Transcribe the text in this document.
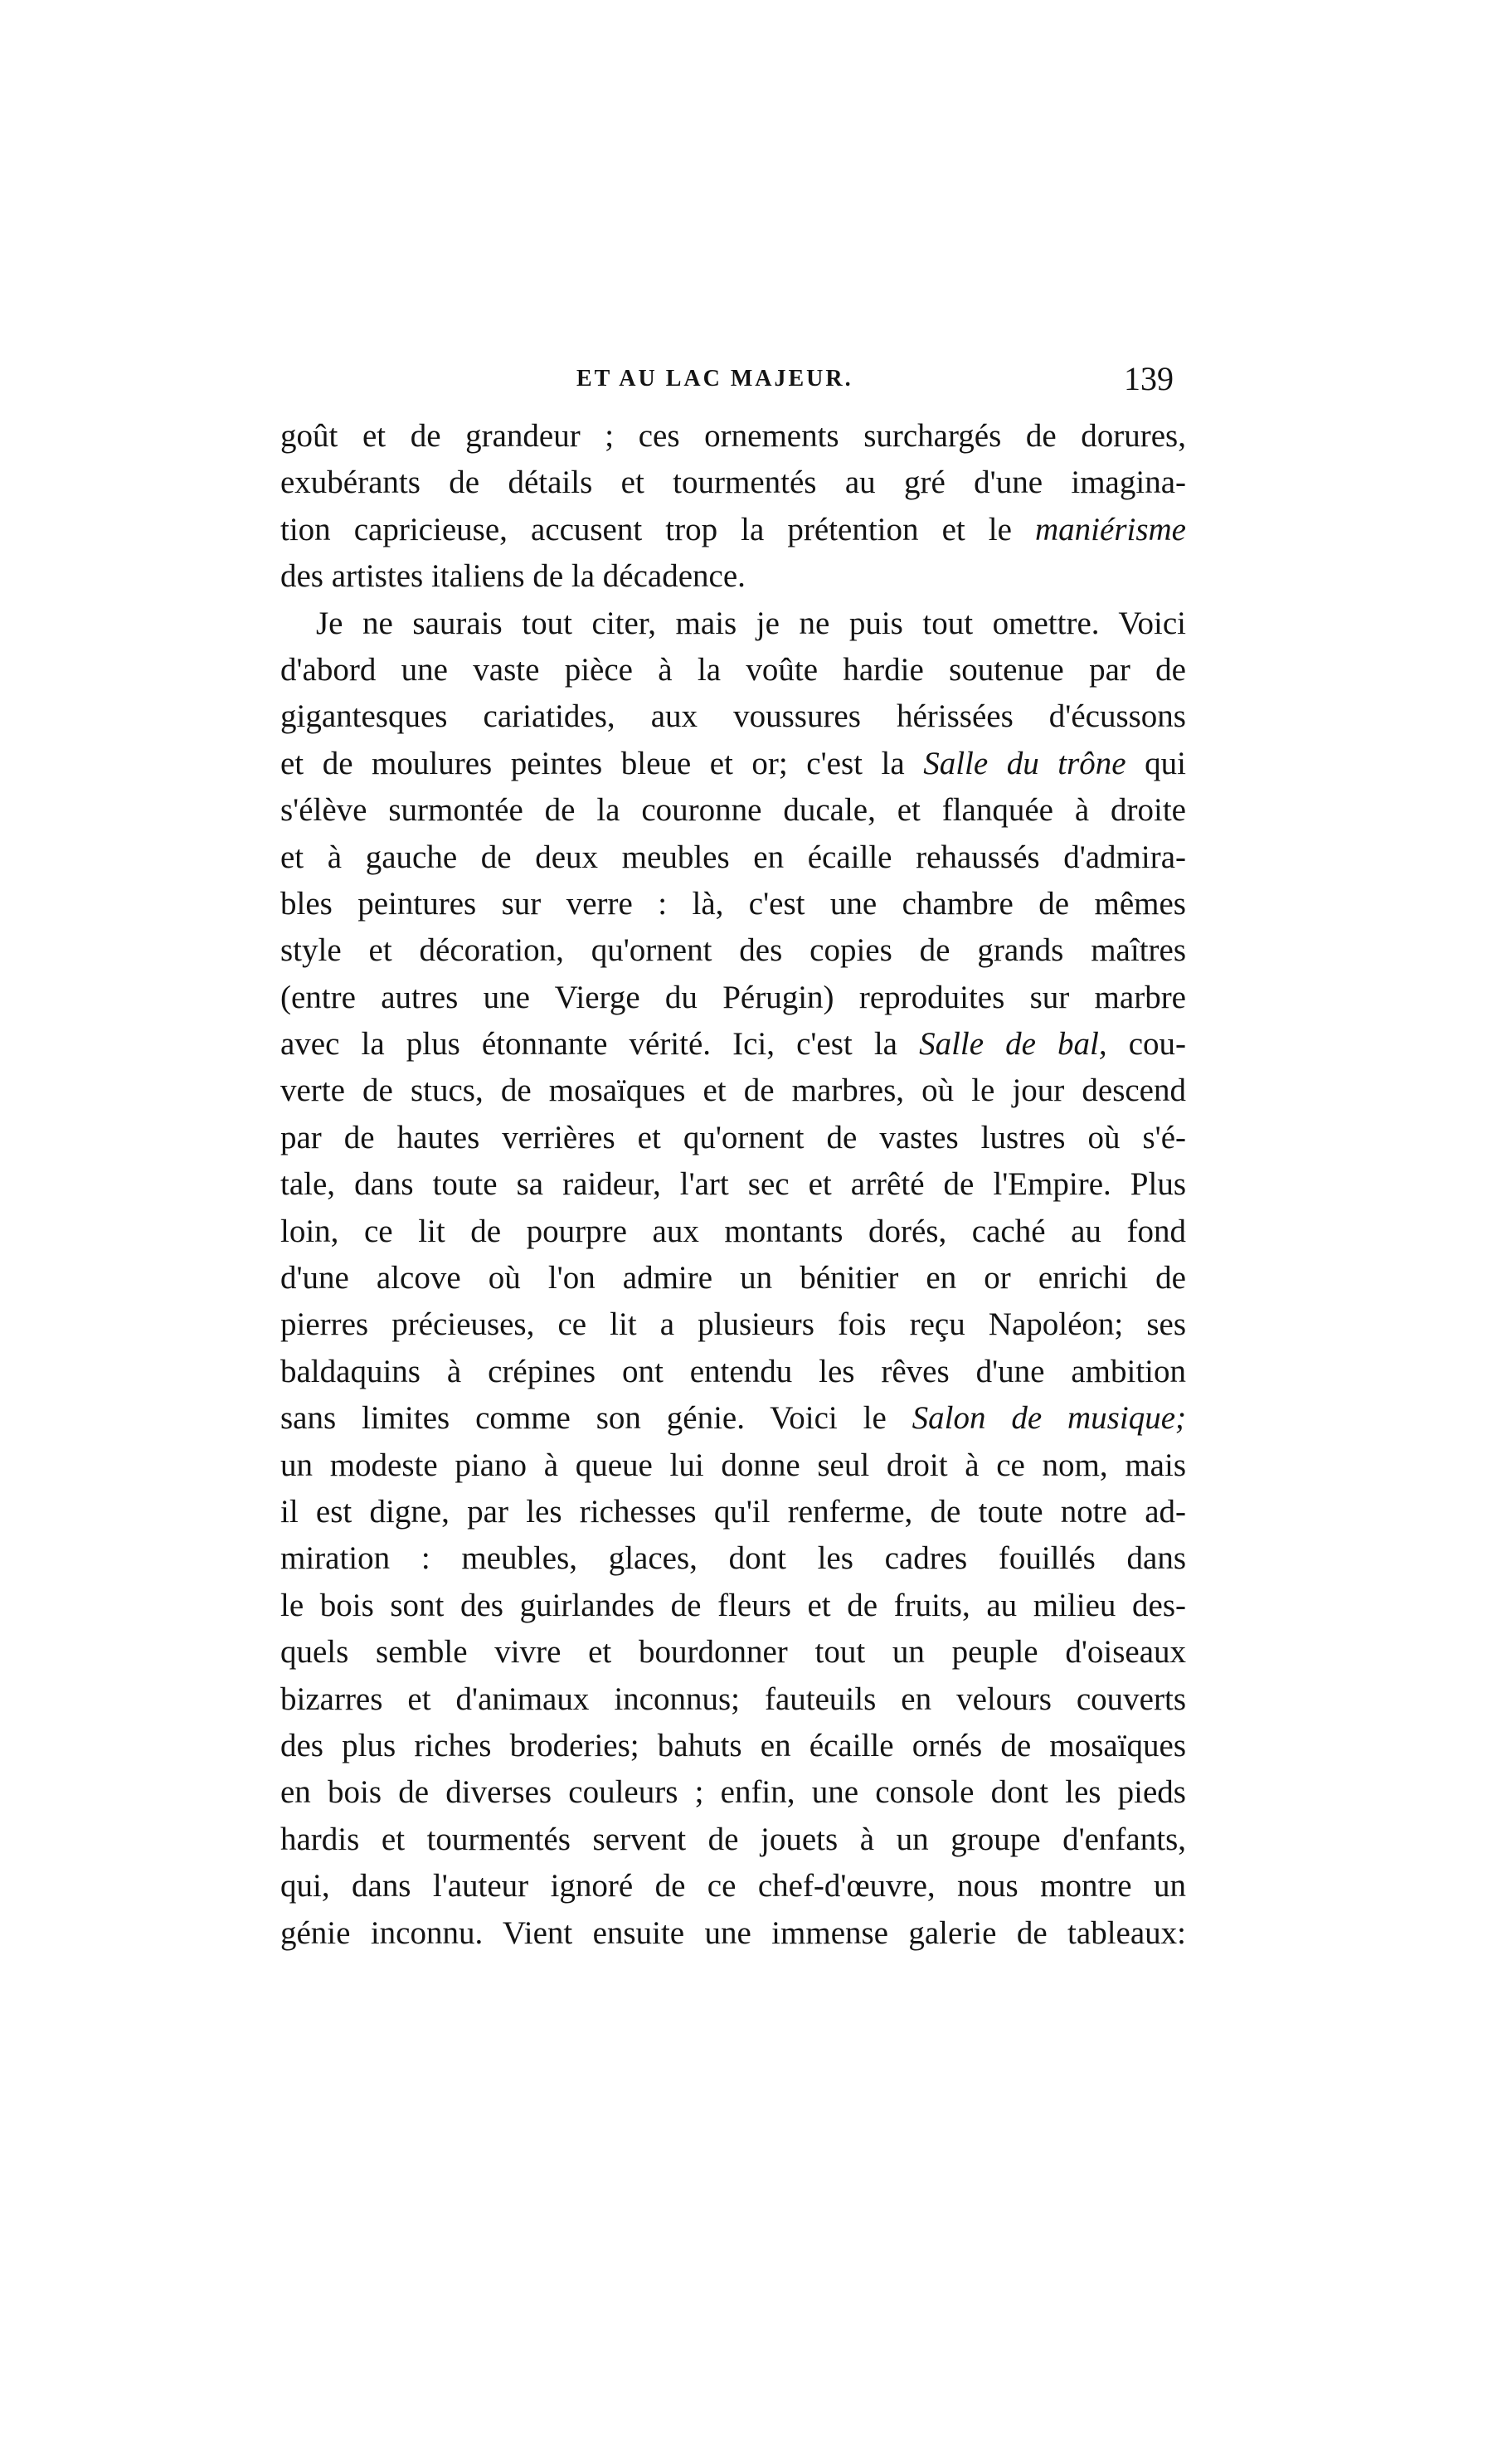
ET AU LAC MAJEUR.	139
goût et de grandeur ; ces ornements surchargés de dorures,
exubérants de détails et tourmentés au gré d'une imagina-
tion capricieuse, accusent trop la prétention et le maniérisme
des artistes italiens de la décadence.
Je ne saurais tout citer, mais je ne puis tout omettre. Voici
d'abord une vaste pièce à la voûte hardie soutenue par de
gigantesques cariatides, aux voussures hérissées d'écussons
et de moulures peintes bleue et or; c'est la Salle du trône qui
s'élève surmontée de la couronne ducale, et flanquée à droite
et à gauche de deux meubles en écaille rehaussés d'admira-
bles peintures sur verre : là, c'est une chambre de mêmes
style et décoration, qu'ornent des copies de grands maîtres
(entre autres une Vierge du Pérugin) reproduites sur marbre
avec la plus étonnante vérité. Ici, c'est la Salle de bal, cou-
verte de stucs, de mosaïques et de marbres, où le jour descend
par de hautes verrières et qu'ornent de vastes lustres où s'é-
tale, dans toute sa raideur, l'art sec et arrêté de l'Empire. Plus
loin, ce lit de pourpre aux montants dorés, caché au fond
d'une alcove où l'on admire un bénitier en or enrichi de
pierres précieuses, ce lit a plusieurs fois reçu Napoléon; ses
baldaquins à crépines ont entendu les rêves d'une ambition
sans limites comme son génie. Voici le Salon de musique;
un modeste piano à queue lui donne seul droit à ce nom, mais
il est digne, par les richesses qu'il renferme, de toute notre ad-
miration : meubles, glaces, dont les cadres fouillés dans
le bois sont des guirlandes de fleurs et de fruits, au milieu des-
quels semble vivre et bourdonner tout un peuple d'oiseaux
bizarres et d'animaux inconnus; fauteuils en velours couverts
des plus riches broderies; bahuts en écaille ornés de mosaïques
en bois de diverses couleurs ; enfin, une console dont les pieds
hardis et tourmentés servent de jouets à un groupe d'enfants,
qui, dans l'auteur ignoré de ce chef-d'œuvre, nous montre un
génie inconnu. Vient ensuite une immense galerie de tableaux:
